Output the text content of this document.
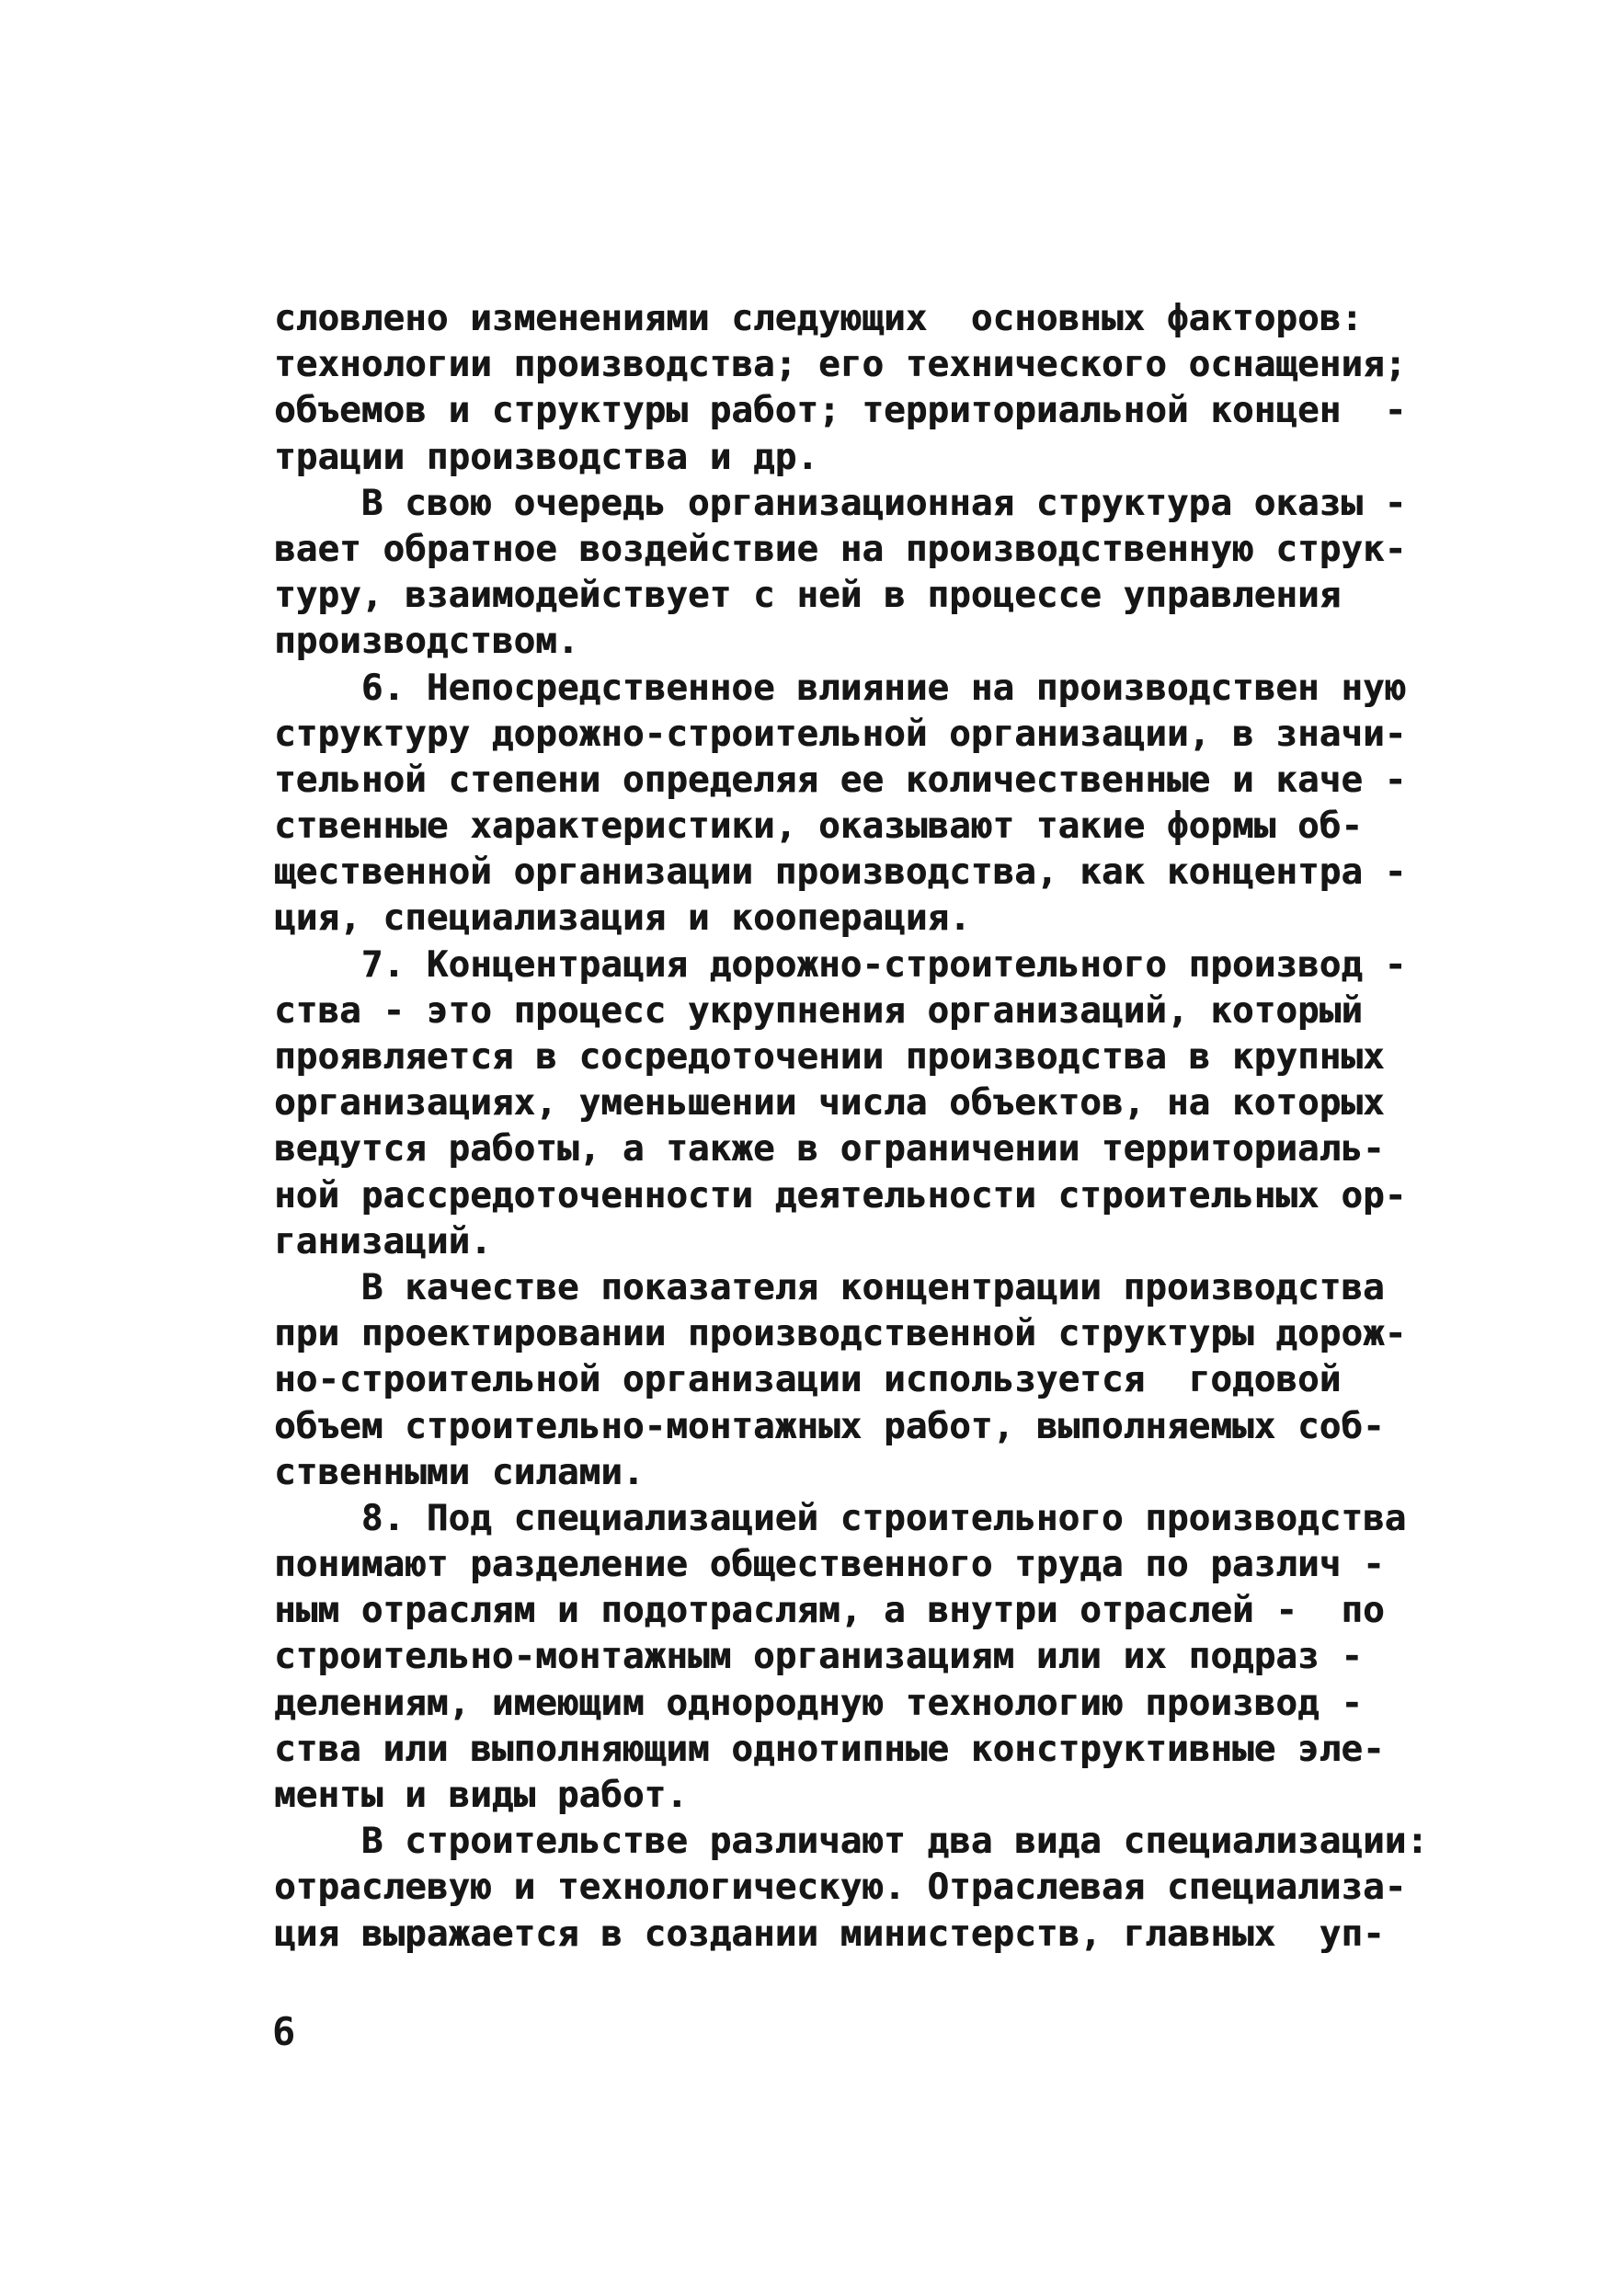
словлено изменениями следующих  основных факторов:
технологии производства; его технического оснащения;
объемов и структуры работ; территориальной концен  -
трации производства и др.
В свою очередь организационная структура оказы -
вает обратное воздействие на производственную струк-
туру, взаимодействует с ней в процессе управления
производством.
6. Непосредственное влияние на производствен ную
структуру дорожно-строительной организации, в значи-
тельной степени определяя ее количественные и каче -
ственные характеристики, оказывают такие формы об-
щественной организации производства, как концентра -
ция, специализация и кооперация.
7. Концентрация дорожно-строительного производ -
ства - это процесс укрупнения организаций, который
проявляется в сосредоточении производства в крупных
организациях, уменьшении числа объектов, на которых
ведутся работы, а также в ограничении территориаль-
ной рассредоточенности деятельности строительных ор-
ганизаций.
В качестве показателя концентрации производства
при проектировании производственной структуры дорож-
но-строительной организации используется  годовой
объем строительно-монтажных работ, выполняемых соб-
ственными силами.
8. Под специализацией строительного производства
понимают разделение общественного труда по различ -
ным отраслям и подотраслям, а внутри отраслей -  по
строительно-монтажным организациям или их подраз -
делениям, имеющим однородную технологию производ -
ства или выполняющим однотипные конструктивные эле-
менты и виды работ.
В строительстве различают два вида специализации:
отраслевую и технологическую. Отраслевая специализа-
ция выражается в создании министерств, главных  уп-
6
